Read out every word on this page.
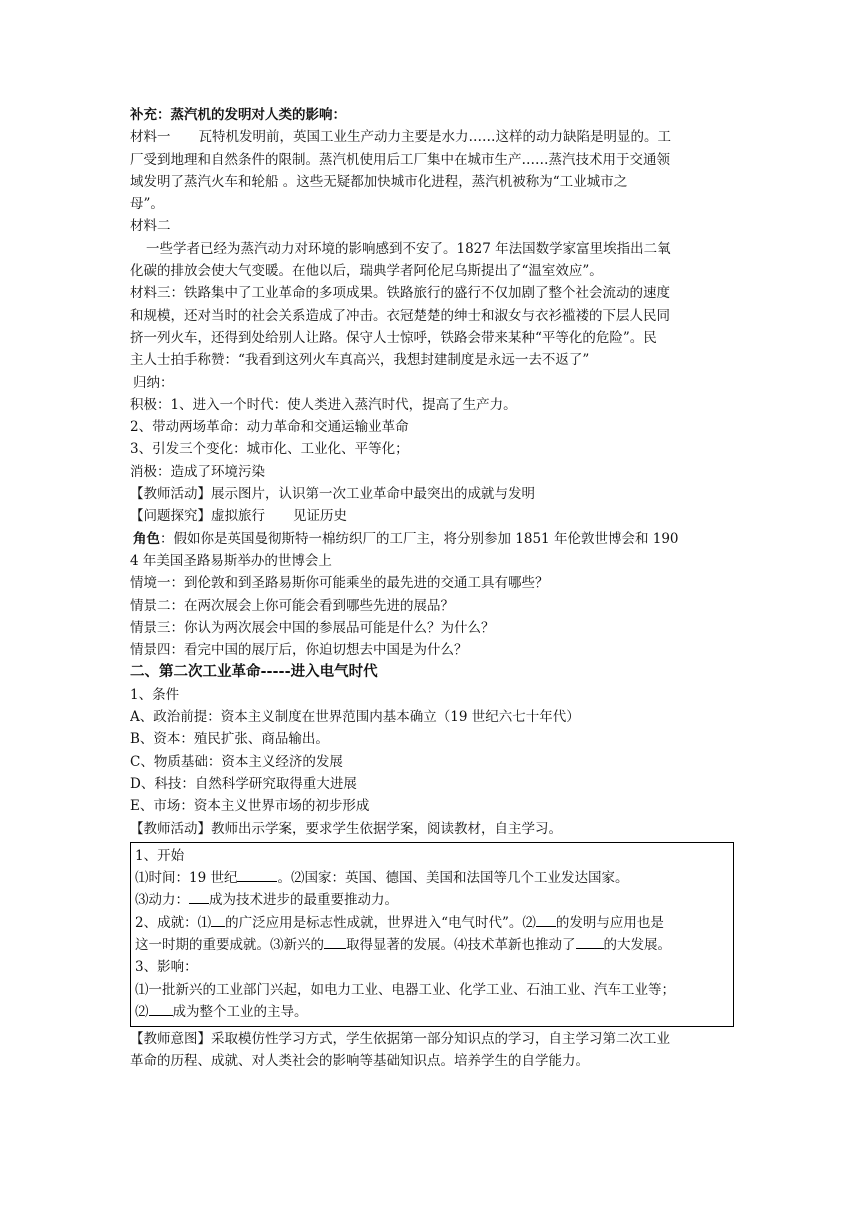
补充：蒸汽机的发明对人类的影响：
材料一 瓦特机发明前，英国工业生产动力主要是水力……这样的动力缺陷是明显的。工
厂受到地理和自然条件的限制。蒸汽机使用后工厂集中在城市生产……蒸汽技术用于交通领
域发明了蒸汽火车和轮船 。这些无疑都加快城市化进程，蒸汽机被称为“工业城市之
母”。
材料二
一些学者已经为蒸汽动力对环境的影响感到不安了。1827 年法国数学家富里埃指出二氧
化碳的排放会使大气变暖。在他以后，瑞典学者阿伦尼乌斯提出了“温室效应”。
材料三：铁路集中了工业革命的多项成果。铁路旅行的盛行不仅加剧了整个社会流动的速度
和规模，还对当时的社会关系造成了冲击。衣冠楚楚的绅士和淑女与衣衫褴褛的下层人民同
挤一列火车，还得到处给别人让路。保守人士惊呼，铁路会带来某种“平等化的危险”。民
主人士拍手称赞：“我看到这列火车真高兴，我想封建制度是永远一去不返了”
归纳：
积极：1、进入一个时代：使人类进入蒸汽时代，提高了生产力。
2、带动两场革命：动力革命和交通运输业革命
3、引发三个变化：城市化、工业化、平等化；
消极：造成了环境污染
【教师活动】展示图片，认识第一次工业革命中最突出的成就与发明
【问题探究】虚拟旅行 见证历史
角色：假如你是英国曼彻斯特一棉纺织厂的工厂主，将分别参加 1851 年伦敦世博会和 190
4 年美国圣路易斯举办的世博会上
情境一：到伦敦和到圣路易斯你可能乘坐的最先进的交通工具有哪些？
情景二：在两次展会上你可能会看到哪些先进的展品？
情景三：你认为两次展会中国的参展品可能是什么？为什么？
情景四：看完中国的展厅后，你迫切想去中国是为什么？
二、第二次工业革命-----进入电气时代
1、条件
A、政治前提：资本主义制度在世界范围内基本确立（19 世纪六七十年代）
B、资本：殖民扩张、商品输出。
C、物质基础：资本主义经济的发展
D、科技：自然科学研究取得重大进展
E、市场：资本主义世界市场的初步形成
【教师活动】教师出示学案，要求学生依据学案，阅读教材，自主学习。
1、开始
⑴时间：19 世纪	。⑵国家：英国、德国、美国和法国等几个工业发达国家。
⑶动力： 成为技术进步的最重要推动力。
2、成就：⑴ 的广泛应用是标志性成就，世界进入“电气时代”。⑵ 的发明与应用也是
这一时期的重要成就。⑶新兴的 取得显著的发展。⑷技术革新也推动了 的大发展。
3、影响：
⑴一批新兴的工业部门兴起，如电力工业、电器工业、化学工业、石油工业、汽车工业等；
⑵ 成为整个工业的主导。
【教师意图】采取模仿性学习方式，学生依据第一部分知识点的学习，自主学习第二次工业
革命的历程、成就、对人类社会的影响等基础知识点。培养学生的自学能力。
